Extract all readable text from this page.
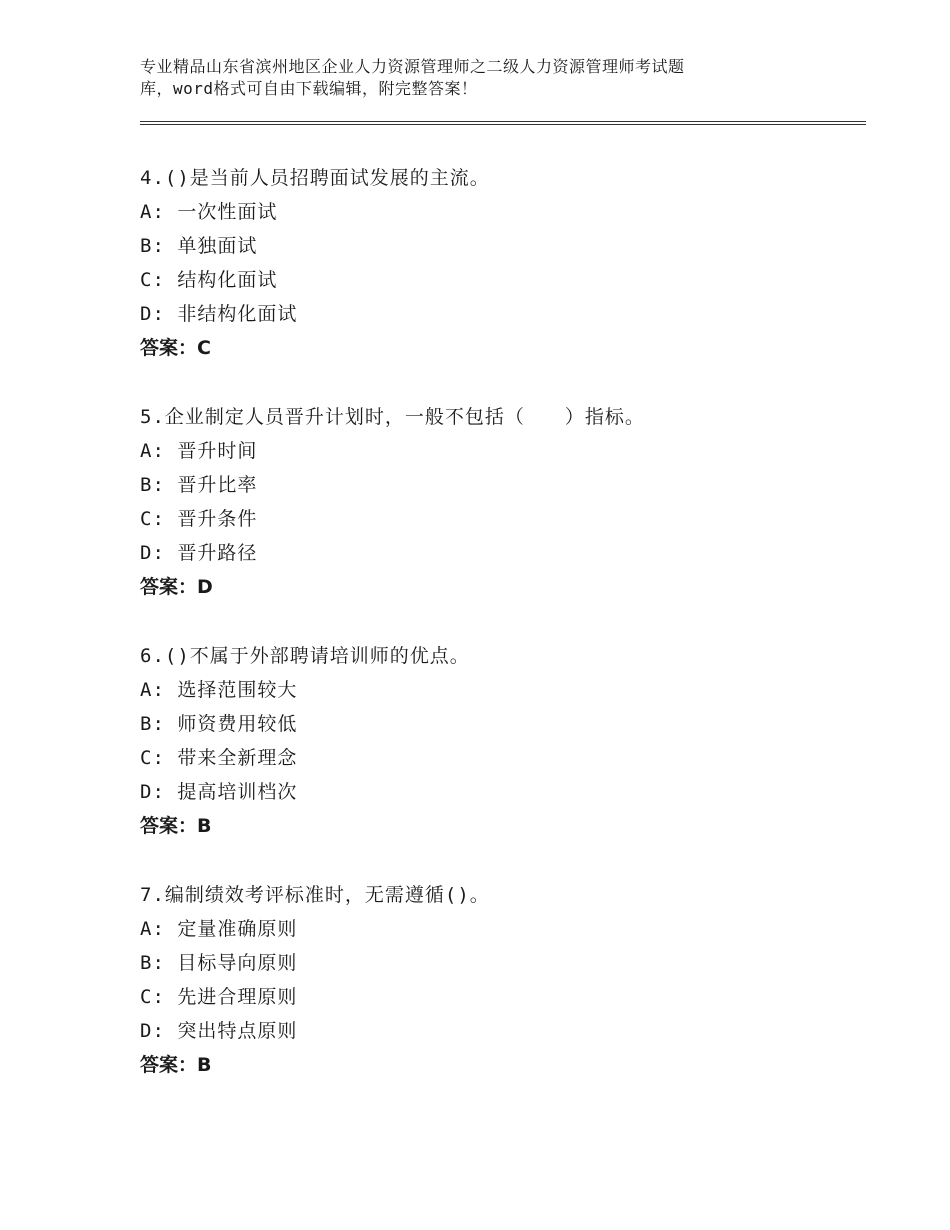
专业精品山东省滨州地区企业人力资源管理师之二级人力资源管理师考试题
库，word格式可自由下载编辑，附完整答案！
4.()是当前人员招聘面试发展的主流。
A: 一次性面试
B: 单独面试
C: 结构化面试
D: 非结构化面试
答案：C
5.企业制定人员晋升计划时，一般不包括（　　）指标。
A: 晋升时间
B: 晋升比率
C: 晋升条件
D: 晋升路径
答案：D
6.()不属于外部聘请培训师的优点。
A: 选择范围较大
B: 师资费用较低
C: 带来全新理念
D: 提高培训档次
答案：B
7.编制绩效考评标准时，无需遵循()。
A: 定量准确原则
B: 目标导向原则
C: 先进合理原则
D: 突出特点原则
答案：B
